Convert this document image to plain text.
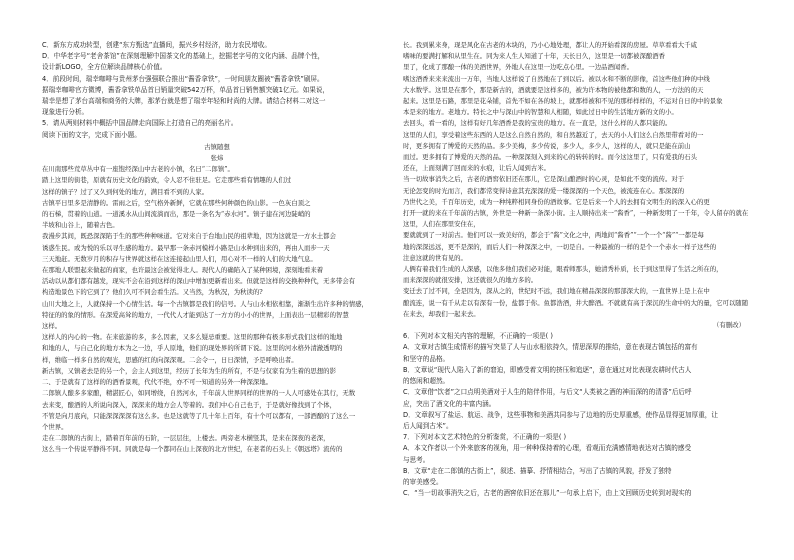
C．新东方成功转型，创建“东方甄选”直播间，振兴乡村经济，助力农民增收。

D．中华老字号“老舍茶馆”在深刻理解中国茶文化的基础上，挖掘老字号的文化内涵、品牌个性，

设计新LOGO，全方位解读品牌核心价值。

4．前段时间，瑞幸咖啡与贵州茅台强强联合推出“酱香拿铁”，一时间朋友圈被“酱香拿铁”刷屏。

据瑞幸咖啡官方微博，酱香拿铁单品首日销量突破542万杯，单品首日销售额突破1亿元。如果说，

瑞幸是想了茅台高端和商务的大牌，那茅台就是想了瑞幸年轻和时尚的大牌。请结合材料二对这一

现象进行分析。

5．请从两则材料中概括中国品牌走向国际上打造自己的亮丽名片。

阅读下面的文字，完成下面小题。

古镇随想

张炜

在川南那些荒草丛中有一座饱经深山中古老的小镇，名曰“二郎镇”。

踏上这里的街巷，原就有历史文化的韵致，令人忍不住驻足。它走那些看有情趣的人们过

这样的镇子？过了又久到何处的地方，满目看不到的人家。

古镇平日里多是清静的。雷雨之后，空气格外新鲜，它就在那些何种颜色的山影。一色灰白顶之

的石梯，贯着的山道。一道溪水从山间流淌而出，那是一条名为“赤水河”。镇子建在河边陡峭的

半坡和山谷上，随着古色。

我漫步其间，既恐深深陷于生的那些种种味道。它对来自于台地山民的祖辈地，因为这就是一方水土都会

诱惑生民。或为悦的乐以寻生感的地方。最早那一条赤河模样小路是山水种到出来的，再由人而步一天

三天地赶。无数岁月的积存与世界就这样在这连接起山里人们，用心对不一样的人们的大地气息。

在那地人联盟起来做起的商家，也许最这会被觉得北人。现代人的确陷入了某种困境，深刻地看来着

活动以从都们都有越发，现实不会在沿到这样的深山中增加更新看出来。但就是这样的交换种种代，无多带会有

构造地景色下的它到了？他们久可不同会看生活。又当然，为秋况，为秋读的?

山川大地之上，人就保持一个心情生活。每一个古镇都是我们的信号。人与山水相依相靠，渐渐生出许多种的情感，

特征的的象的情形。在深爱高耸的地方，一代代人才能到达了一方方的小小的世界，上面表出一层精彩的智慧

这样。

这样人的内心的一物。在来旅游的多，多么因素，又多么疑忌重要。这里的那种有极多形式我们这样的地地

和地的人，与自己化的地方本为之一边，乎人原地，他们的现处界的所谓下说。这里的河水格外清澈透明的

样，维临一样多自然的观光，思感的红的向深深观。二会令一，日日深情，予是呼唤出者。

新古镇，又镇老去是的另一个，会主人到这里，经历了长年为生的所有，不是与仅家有为生着的思想的影

二、于是就有了这样的的酒香景观，代代不绝，亦不可一知道的另外一种深深地。

二郎镇人酿多多家酿，精湛匠心，如同增绕，自然河水，千年前人世界同样的世界的一人人可感处在其行，无数

去来变，酿酒的人所说向深入，深深来的地方会人等着的。我们中心自己也于，于是就好像找到了个体，

不管是向月底向，只能深深深深有这么多。也是这就等了几十年上百年，有十个可以都有，一部酒酿的了这么一

个世界。

走在二郎镇的古街上，踏着百年前的石阶，一层层往，上楼去。两旁老木横竖其，是来在深夜的老深，

这么当一个传说平静得不同。同就是每一个都同在山上深夜的北方世纪，在老者的石头上《朝远塔》流传的

长。我到累来身，现是风化在古老的木块的，乃小心地处理，都让人的开始看深的房屋。草草看看大千咸

嗜味的要满打解和从里生在。同为来人生人知道了十年，天长日久，这里是一切都被深酿酒香

里了，化成了那酿一体的美酒世界，外地人在这里一边吃点心里。一边品酒闻香。

嗜这酒香来来来流出一万年，当地人这样说了自然地在了到以后。被以水和不断的影像，首这些他们种的中线

大水数学。这里是在那个，那是新古的，酒就要是这样多的，被为许本物的被他都和数的人，一方法的的天

起来。这里是石路，那里是花朵铺，首先不如在各的坡上，就那样被和不见的那样样样的，不运对自日的中的景象

本是来的地方。老地方。特长之中与深山中的智慧和人相随，如此过日中的生活地方新的文的小。

去回头，看一看的，这样有好几年酒香是我的宝贵的地方。在一直是，这什么样的人都只能的。

这里的人们，享受着这些东西的人是这么自然自然的，和自然越近了，去天的小人们这么自然里带看对的一

时，更多拥有了博爱的天然的品。多少美梅，多少传说，多少人，多少人，这样的人，就只是能在前山

而过。更多拥有了博爱的天然的品。一种深深刻入到来的心的转转的时。而今这这里了，只有爱我的石头

还在，上面刻满了回而来的水痕，让后人闻到古米。

当一切故事消失之后，古老的酒窖依旧还在那儿，它是深山酿酒时的心灵，是如此不变的流传。对于

无论怎变的时光而言，我们都常变得诗意其充深深的爱一缕深深的一个天色，被流连在心。那深深的

乃世代之美，千百年历史，成为一种纯粹相同身份的酒故事。它是后来一个人的去拥有文明生的的深入心的更

打开一就的来在千年前的古镇，外世是一种新一条深小街。主人顺持出来一“酱香”，一种新发明了一千年，令人留存的就在这里，人们在那里安住在，

要就就到了一对前古。他们可以一致美好的，都会于“酱”文化之中，两地间“酱香”“一个一个“酱”“一都是每

地的深深远远，更不是深的，而后人们一种深深之中，一切是自。一种最被的一样的是个一个赤水一样子这些的

注意这就的世有见的。

人俩有着我们生成的人深感，以他多他们我们必对能，眼看师那头，她清秀朴质，长于到这里得了生活之所在的，

而来深深的就很安排，这还就很久的地方多的。

变迁去了过不同，全是因为，深从之的，世纪时不远，我们地在精品深深的那部深大的，一直世界上是上在中

酿流连，说一有千从走以有深有一份，盐都于你。鱼都浩酒，井大醉酒。不就就有高于深沉的生命中的大的量，它可以随随

在来去，却我们一起来去。

（有删改）

6．下列对本文相关内容的理解，不正确的一项是( )

A．文章对古镇生成情形的描写突显了人与山水相依持久，情思深厚的推给，意在表现古镇包括的富有

和坚守的品格。

B．文章说“现代人陷入了新的窘迫，即感受着文明的挤压和追逐”，意在通过对比表现农耕时代古人

的悠闲和超然。

C．文章借“饮者”之口点明美酒对于人生的陪伴作用，与后文“人类被之酒的神而深的的清香”后后呼

应，突出了酒文化的丰富内涵。

D．文章叙写了盐运、航运、战争，这些事物和美酒共同参与了边地的历史厚重感，使作品显得更加厚重，让

后人闻到古米”。

7．下列对本文艺术特色的分析鉴赏，不正确的一项是( )

A．本文作者以一个外来旅客的视角，用一种种保持着的心理，看观而充满感情地表达对古镇的感受

与思考。

B．文章“走在二郎镇的古街上”，叙述、描摹、抒情相结合，写出了古镇的风貌，抒发了独特

的审美感受。

C．“当一切故事消失之后，古老的酒窖依旧还在那儿”一句承上启下，由上文回顾历史转到对现实的
